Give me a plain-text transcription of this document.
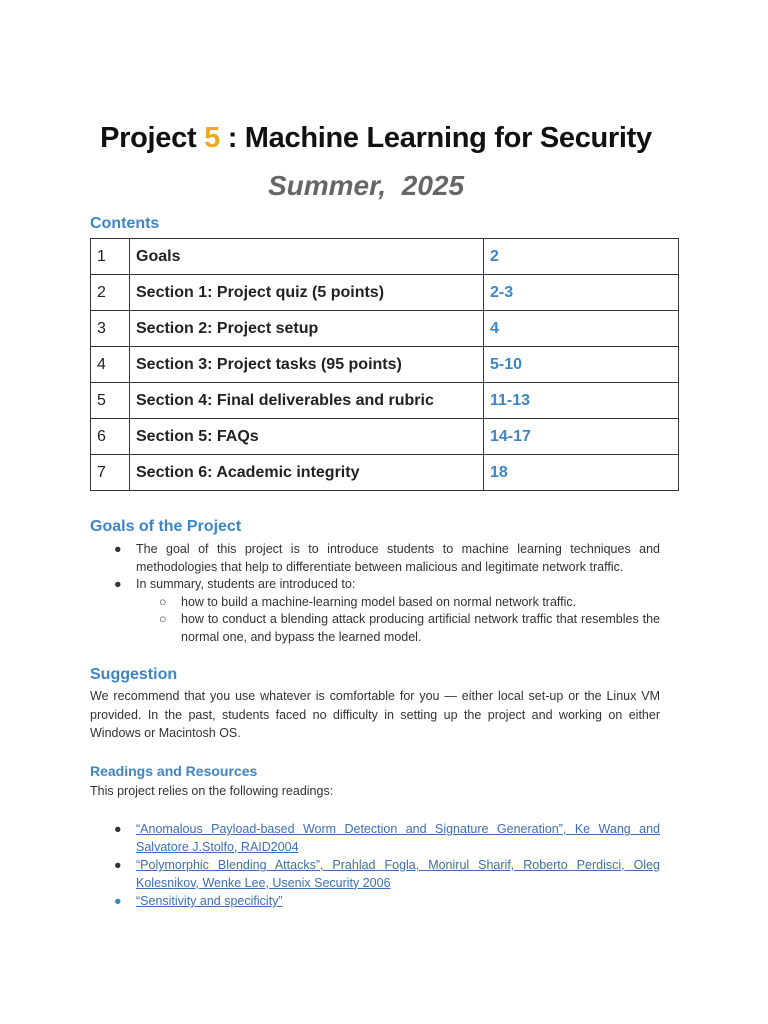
Project 5 : Machine Learning for Security
Summer,  2025
Contents
1	Goals	2
2	Section 1: Project quiz (5 points)	2-3
3	Section 2: Project setup	4
4	Section 3: Project tasks (95 points)	5-10
5	Section 4: Final deliverables and rubric	11-13
6	Section 5: FAQs	14-17
7	Section 6: Academic integrity	18
Goals of the Project
● The goal of this project is to introduce students to machine learning techniques and methodologies that help to differentiate between malicious and legitimate network traffic.
● In summary, students are introduced to:
○ how to build a machine-learning model based on normal network traffic.
○ how to conduct a blending attack producing artificial network traffic that resembles the normal one, and bypass the learned model.
Suggestion

We recommend that you use whatever is comfortable for you — either local set-up or the Linux VM provided. In the past, students faced no difficulty in setting up the project and working on either Windows or Macintosh OS.

Readings and Resources

This project relies on the following readings:

● “Anomalous Payload-based Worm Detection and Signature Generation”, Ke Wang and Salvatore J.Stolfo, RAID2004
● “Polymorphic Blending Attacks”, Prahlad Fogla, Monirul Sharif, Roberto Perdisci, Oleg Kolesnikov, Wenke Lee, Usenix Security 2006
● “Sensitivity and specificity”
